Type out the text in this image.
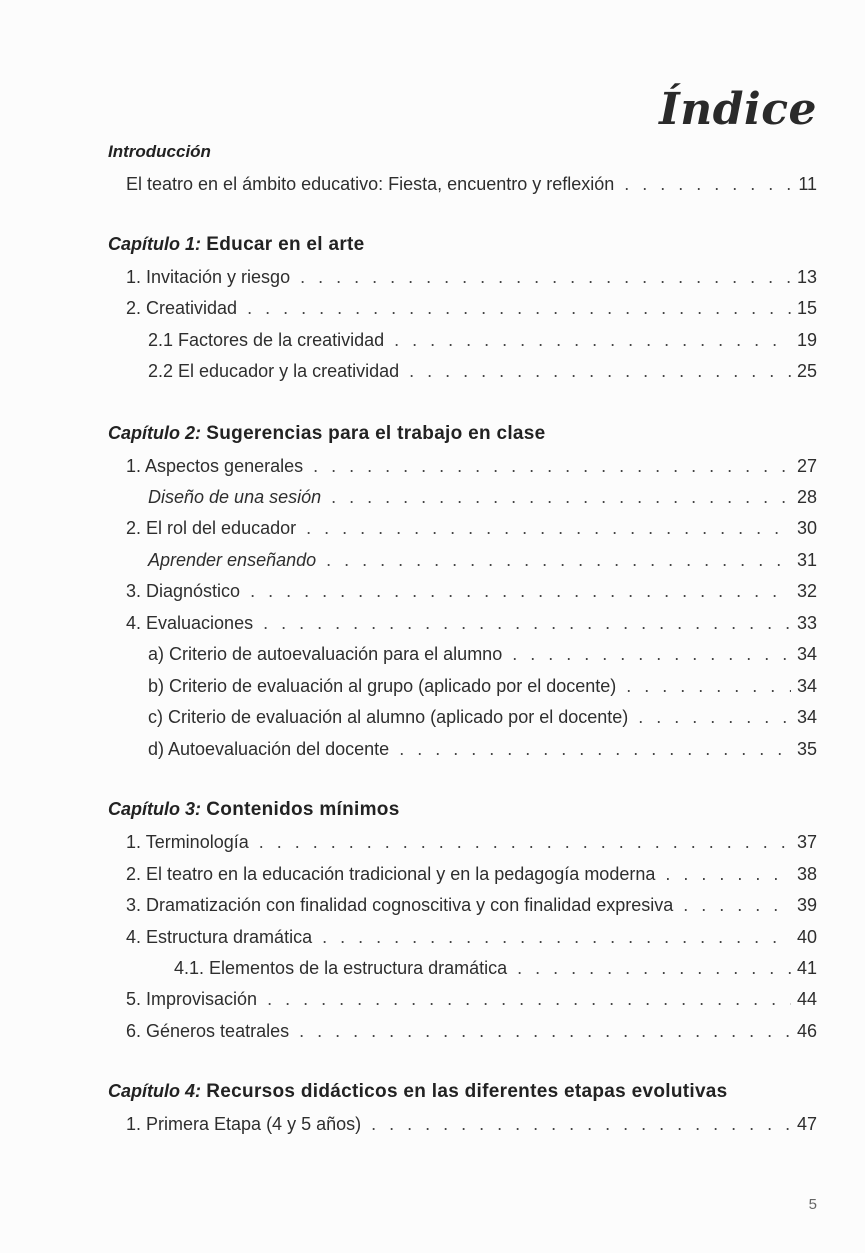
Índice
Introducción
El teatro en el ámbito educativo: Fiesta, encuentro y reflexión . . .	11
Capítulo 1: Educar en el arte
1. Invitación y riesgo . . .	13
2. Creatividad . . .	15
2.1 Factores de la creatividad . . .	19
2.2 El educador y la creatividad . . .	25
Capítulo 2: Sugerencias para el trabajo en clase
1. Aspectos generales . . .	27
Diseño de una sesión . . .	28
2. El rol del educador . . .	30
Aprender enseñando . . .	31
3. Diagnóstico . . .	32
4. Evaluaciones . . .	33
a) Criterio de autoevaluación para el alumno . . .	34
b) Criterio de evaluación al grupo (aplicado por el docente) . . .	34
c) Criterio de evaluación al alumno (aplicado por el docente) . . .	34
d) Autoevaluación del docente . . .	35
Capítulo 3: Contenidos mínimos
1. Terminología . . .	37
2. El teatro en la educación tradicional y en la pedagogía moderna . . .	38
3. Dramatización con finalidad cognoscitiva y con finalidad expresiva . . .	39
4. Estructura dramática . . .	40
4.1. Elementos de la estructura dramática . . .	41
5. Improvisación . . .	44
6. Géneros teatrales . . .	46
Capítulo 4: Recursos didácticos en las diferentes etapas evolutivas
1. Primera Etapa (4 y 5 años) . . .	47
5
